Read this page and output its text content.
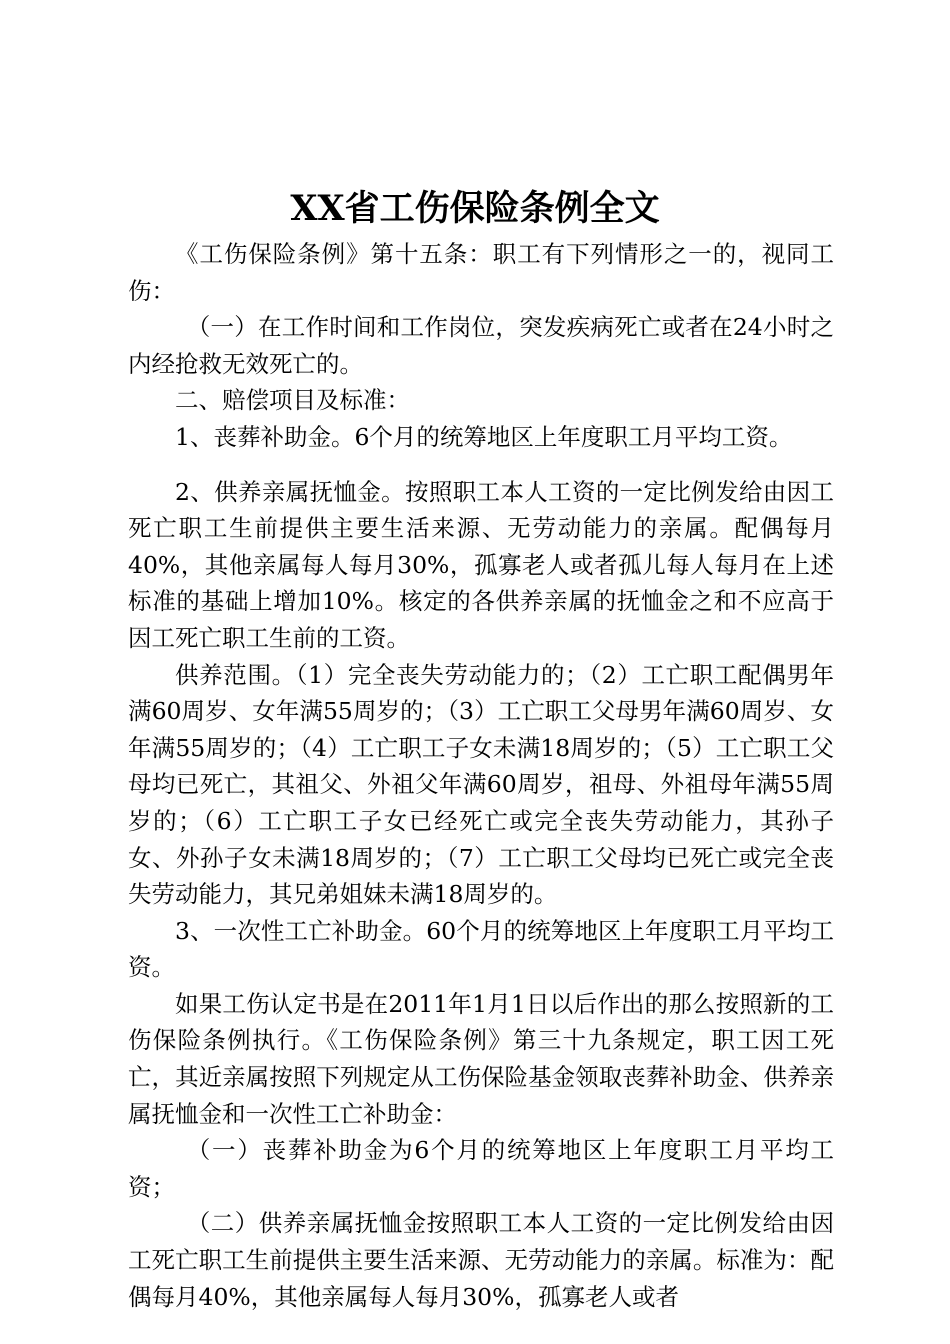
XX省工伤保险条例全文

《工伤保险条例》第十五条：职工有下列情形之一的，视同工伤：

（一）在工作时间和工作岗位，突发疾病死亡或者在24小时之内经抢救无效死亡的。

二、赔偿项目及标准：

1、丧葬补助金。6个月的统筹地区上年度职工月平均工资。

2、供养亲属抚恤金。按照职工本人工资的一定比例发给由因工死亡职工生前提供主要生活来源、无劳动能力的亲属。配偶每月40%，其他亲属每人每月30%，孤寡老人或者孤儿每人每月在上述标准的基础上增加10%。核定的各供养亲属的抚恤金之和不应高于因工死亡职工生前的工资。

供养范围。（1）完全丧失劳动能力的；（2）工亡职工配偶男年满60周岁、女年满55周岁的；（3）工亡职工父母男年满60周岁、女年满55周岁的；（4）工亡职工子女未满18周岁的；（5）工亡职工父母均已死亡，其祖父、外祖父年满60周岁，祖母、外祖母年满55周岁的；（6）工亡职工子女已经死亡或完全丧失劳动能力，其孙子女、外孙子女未满18周岁的；（7）工亡职工父母均已死亡或完全丧失劳动能力，其兄弟姐妹未满18周岁的。

3、一次性工亡补助金。60个月的统筹地区上年度职工月平均工资。

如果工伤认定书是在2011年1月1日以后作出的那么按照新的工伤保险条例执行。《工伤保险条例》第三十九条规定，职工因工死亡，其近亲属按照下列规定从工伤保险基金领取丧葬补助金、供养亲属抚恤金和一次性工亡补助金：

（一）丧葬补助金为6个月的统筹地区上年度职工月平均工资；

（二）供养亲属抚恤金按照职工本人工资的一定比例发给由因工死亡职工生前提供主要生活来源、无劳动能力的亲属。标准为：配偶每月40%，其他亲属每人每月30%，孤寡老人或者
